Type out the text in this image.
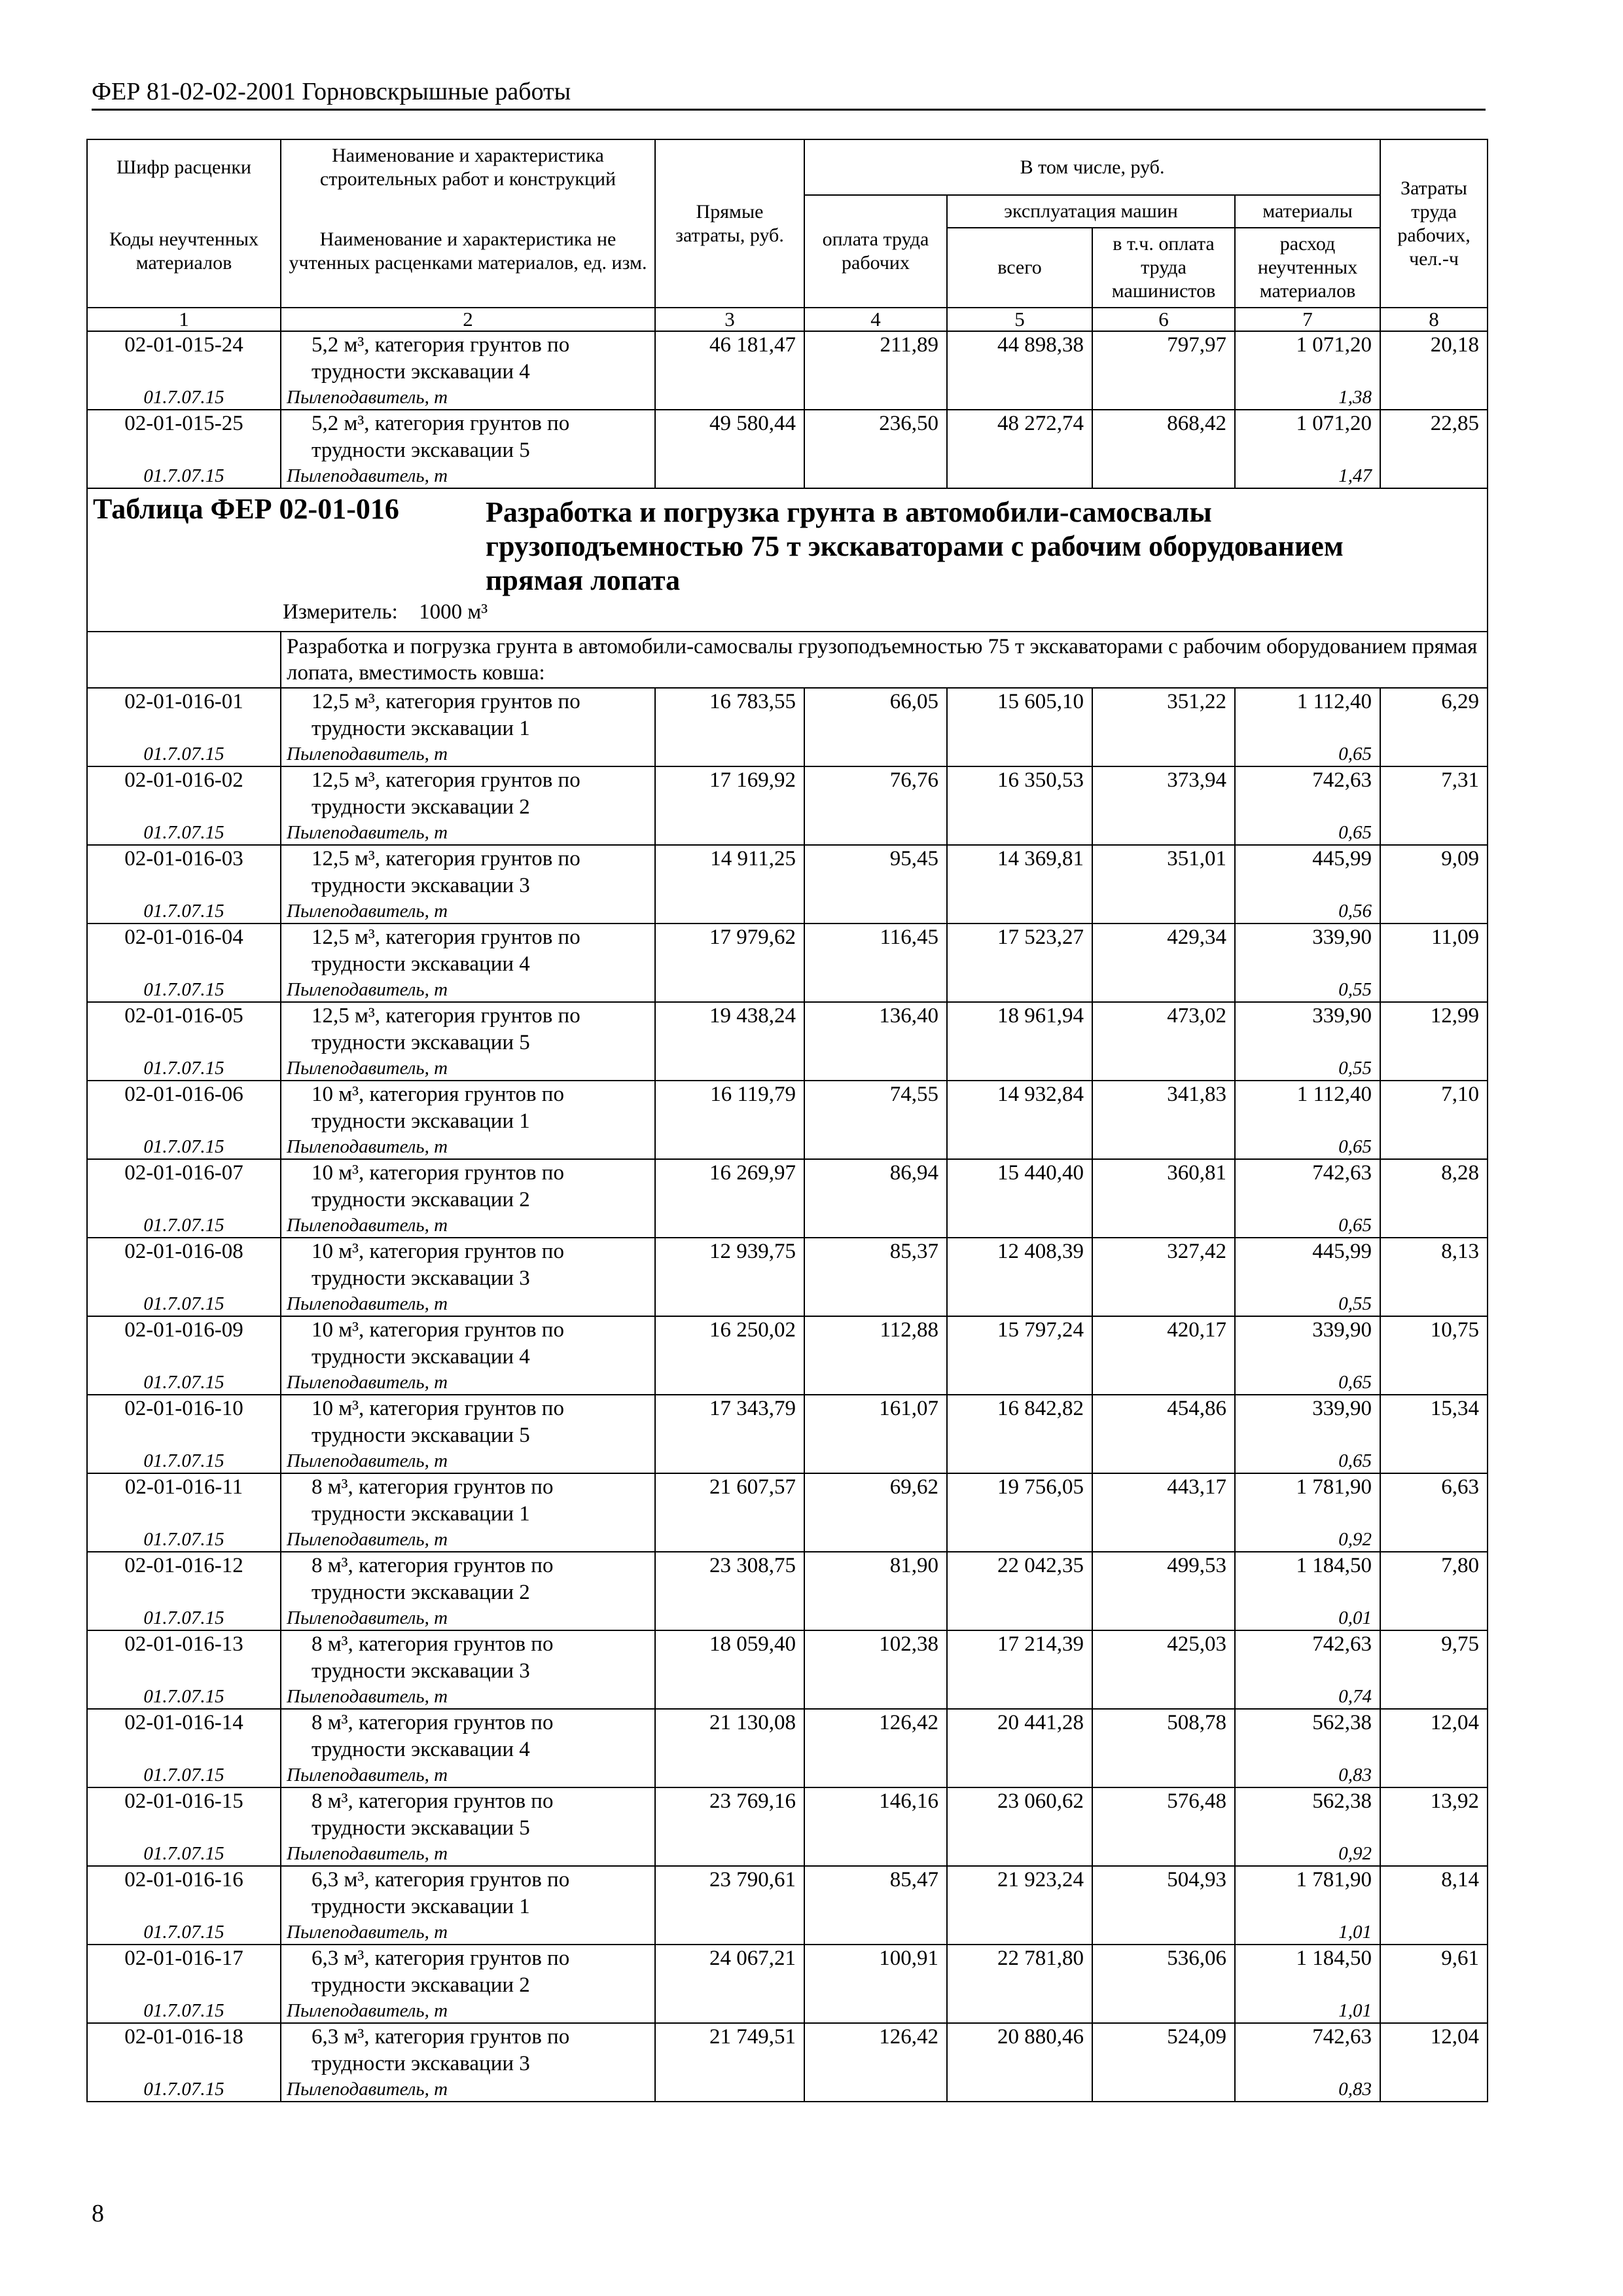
ФЕР 81-02-02-2001 Горновскрышные работы
Шифр расценки	Наименование и характеристика строительных работ и конструкций	Прямые затраты, руб.	В том числе, руб.				Затраты труда рабочих, чел.-ч
Коды неучтенных материалов	Наименование и характеристика не учтенных расценками материалов, ед. изм.		оплата труда рабочих	эксплуатация машин		материалы	
				всего	в т.ч. оплата труда машинистов	расход неучтенных материалов	

1	2	3	4	5	6	7	8
02-01-015-24	5,2 м³, категория грунтов по
трудности экскавации 4	46 181,47	211,89	44 898,38	797,97	1 071,20	20,18
01.7.07.15	Пылеподавитель, т					1,38	
02-01-015-25	5,2 м³, категория грунтов по
трудности экскавации 5	49 580,44	236,50	48 272,74	868,42	1 071,20	22,85
01.7.07.15	Пылеподавитель, т					1,47	
Таблица ФЕР 02-01-016 Разработка и погрузка грунта в автомобили-самосвалы грузоподъемностью 75 т экскаваторами с рабочим оборудованием прямая лопата							

Измеритель: 1000 м³							

	Разработка и погрузка грунта в автомобили-самосвалы грузоподъемностью 75 т экскаваторами с рабочим оборудованием прямая лопата, вместимость ковша:						
02-01-016-01	12,5 м³, категория грунтов по
трудности экскавации 1	16 783,55	66,05	15 605,10	351,22	1 112,40	6,29
01.7.07.15	Пылеподавитель, т					0,65	
02-01-016-02	12,5 м³, категория грунтов по
трудности экскавации 2	17 169,92	76,76	16 350,53	373,94	742,63	7,31
01.7.07.15	Пылеподавитель, т					0,65	
02-01-016-03	12,5 м³, категория грунтов по
трудности экскавации 3	14 911,25	95,45	14 369,81	351,01	445,99	9,09
01.7.07.15	Пылеподавитель, т					0,56	
02-01-016-04	12,5 м³, категория грунтов по
трудности экскавации 4	17 979,62	116,45	17 523,27	429,34	339,90	11,09
01.7.07.15	Пылеподавитель, т					0,55	
02-01-016-05	12,5 м³, категория грунтов по
трудности экскавации 5	19 438,24	136,40	18 961,94	473,02	339,90	12,99
01.7.07.15	Пылеподавитель, т					0,55	
02-01-016-06	10 м³, категория грунтов по
трудности экскавации 1	16 119,79	74,55	14 932,84	341,83	1 112,40	7,10
01.7.07.15	Пылеподавитель, т					0,65	
02-01-016-07	10 м³, категория грунтов по
трудности экскавации 2	16 269,97	86,94	15 440,40	360,81	742,63	8,28
01.7.07.15	Пылеподавитель, т					0,65	
02-01-016-08	10 м³, категория грунтов по
трудности экскавации 3	12 939,75	85,37	12 408,39	327,42	445,99	8,13
01.7.07.15	Пылеподавитель, т					0,55	
02-01-016-09	10 м³, категория грунтов по
трудности экскавации 4	16 250,02	112,88	15 797,24	420,17	339,90	10,75
01.7.07.15	Пылеподавитель, т					0,65	
02-01-016-10	10 м³, категория грунтов по
трудности экскавации 5	17 343,79	161,07	16 842,82	454,86	339,90	15,34
01.7.07.15	Пылеподавитель, т					0,65	
02-01-016-11	8 м³, категория грунтов по
трудности экскавации 1	21 607,57	69,62	19 756,05	443,17	1 781,90	6,63
01.7.07.15	Пылеподавитель, т					0,92	
02-01-016-12	8 м³, категория грунтов по
трудности экскавации 2	23 308,75	81,90	22 042,35	499,53	1 184,50	7,80
01.7.07.15	Пылеподавитель, т					0,01	
02-01-016-13	8 м³, категория грунтов по
трудности экскавации 3	18 059,40	102,38	17 214,39	425,03	742,63	9,75
01.7.07.15	Пылеподавитель, т					0,74	
02-01-016-14	8 м³, категория грунтов по
трудности экскавации 4	21 130,08	126,42	20 441,28	508,78	562,38	12,04
01.7.07.15	Пылеподавитель, т					0,83	
02-01-016-15	8 м³, категория грунтов по
трудности экскавации 5	23 769,16	146,16	23 060,62	576,48	562,38	13,92
01.7.07.15	Пылеподавитель, т					0,92	
02-01-016-16	6,3 м³, категория грунтов по
трудности экскавации 1	23 790,61	85,47	21 923,24	504,93	1 781,90	8,14
01.7.07.15	Пылеподавитель, т					1,01	
02-01-016-17	6,3 м³, категория грунтов по
трудности экскавации 2	24 067,21	100,91	22 781,80	536,06	1 184,50	9,61
01.7.07.15	Пылеподавитель, т					1,01	
02-01-016-18	6,3 м³, категория грунтов по
трудности экскавации 3	21 749,51	126,42	20 880,46	524,09	742,63	12,04
01.7.07.15	Пылеподавитель, т					0,83	
8
